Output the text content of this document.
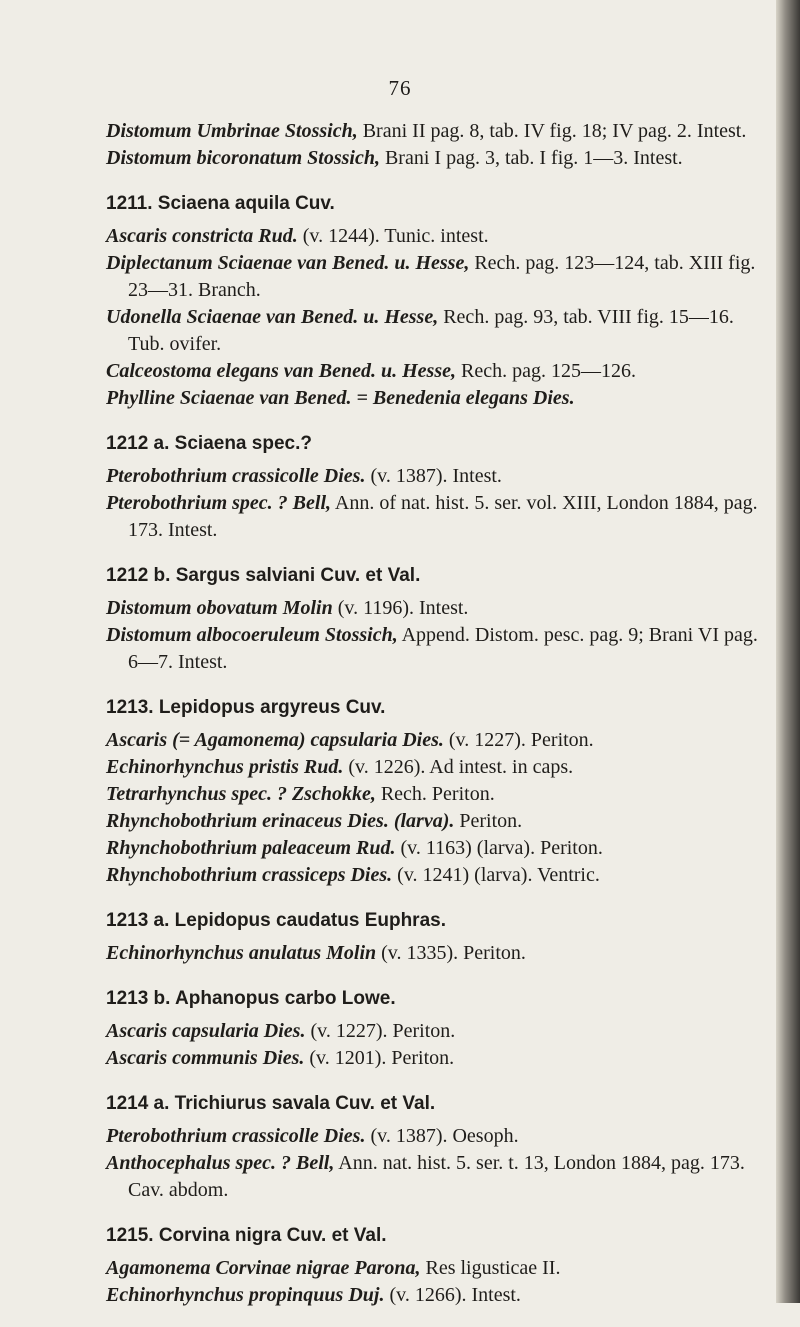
76
Distomum Umbrinae Stossich, Brani II pag. 8, tab. IV fig. 18; IV pag. 2. Intest.
Distomum bicoronatum Stossich, Brani I pag. 3, tab. I fig. 1—3. Intest.
1211. Sciaena aquila Cuv.
Ascaris constricta Rud. (v. 1244). Tunic. intest.
Diplectanum Sciaenae van Bened. u. Hesse, Rech. pag. 123—124, tab. XIII fig. 23—31. Branch.
Udonella Sciaenae van Bened. u. Hesse, Rech. pag. 93, tab. VIII fig. 15—16. Tub. ovifer.
Calceostoma elegans van Bened. u. Hesse, Rech. pag. 125—126.
Phylline Sciaenae van Bened. = Benedenia elegans Dies.
1212 a. Sciaena spec.?
Pterobothrium crassicolle Dies. (v. 1387). Intest.
Pterobothrium spec. ? Bell, Ann. of nat. hist. 5. ser. vol. XIII, London 1884, pag. 173. Intest.
1212 b. Sargus salviani Cuv. et Val.
Distomum obovatum Molin (v. 1196). Intest.
Distomum albocoeruleum Stossich, Append. Distom. pesc. pag. 9; Brani VI pag. 6—7. Intest.
1213. Lepidopus argyreus Cuv.
Ascaris (= Agamonema) capsularia Dies. (v. 1227). Periton.
Echinorhynchus pristis Rud. (v. 1226). Ad intest. in caps.
Tetrarhynchus spec. ? Zschokke, Rech. Periton.
Rhynchobothrium erinaceus Dies. (larva). Periton.
Rhynchobothrium paleaceum Rud. (v. 1163) (larva). Periton.
Rhynchobothrium crassiceps Dies. (v. 1241) (larva). Ventric.
1213 a. Lepidopus caudatus Euphras.
Echinorhynchus anulatus Molin (v. 1335). Periton.
1213 b. Aphanopus carbo Lowe.
Ascaris capsularia Dies. (v. 1227). Periton.
Ascaris communis Dies. (v. 1201). Periton.
1214 a. Trichiurus savala Cuv. et Val.
Pterobothrium crassicolle Dies. (v. 1387). Oesoph.
Anthocephalus spec. ? Bell, Ann. nat. hist. 5. ser. t. 13, London 1884, pag. 173. Cav. abdom.
1215. Corvina nigra Cuv. et Val.
Agamonema Corvinae nigrae Parona, Res ligusticae II.
Echinorhynchus propinquus Duj. (v. 1266). Intest.
